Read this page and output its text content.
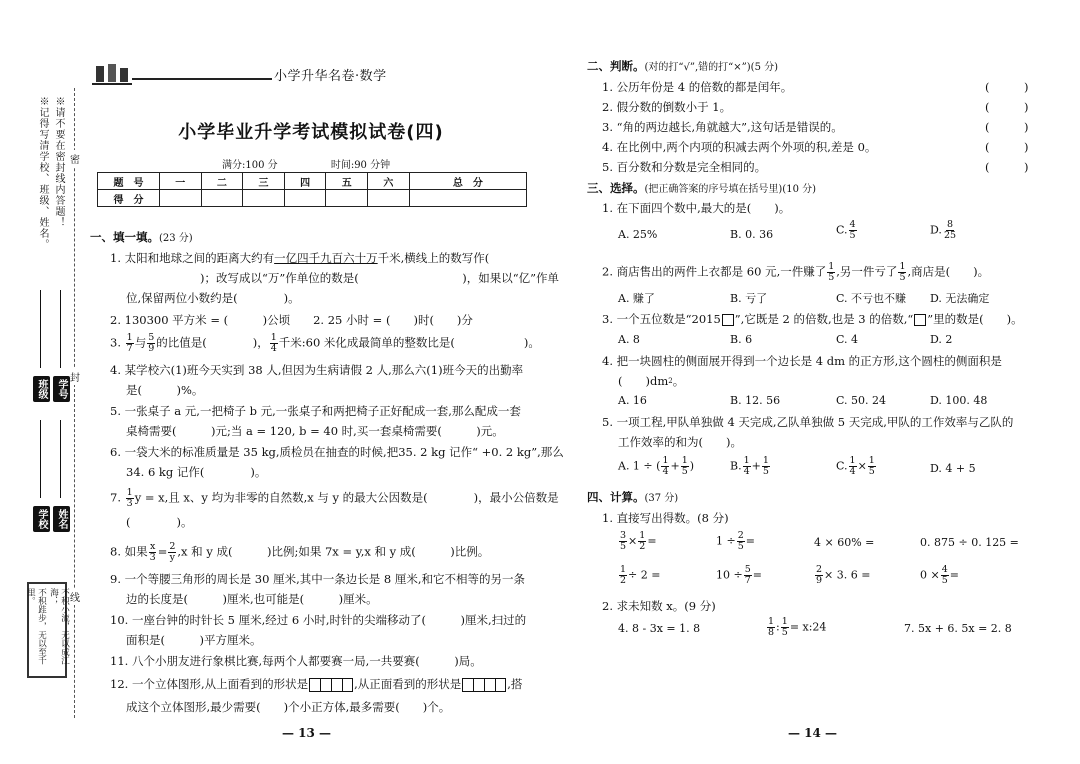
※请不要在密封线内答题！
※记得写清学校、班级、姓名。 密
封
线
班级 学号
学校 姓名
不积小流，无以成江海；
不积跬步，无以至千里。
小学升华名卷·数学
小学毕业升学考试模拟试卷(四)
满分:100 分	时间:90 分钟
题　号	一	二	三	四	五	六	总　分
得　分							
一、填一填。(23 分)
1. 太阳和地球之间的距离大约有一亿四千九百六十万千米,横线上的数写作(
)；改写成以“万”作单位的数是(　　　　　　　　　)，如果以“亿”作单
位,保留两位小数约是(　　　　)。
2. 130300 平方米 = (　　　)公顷　　2. 25 小时 = (　　)时(　　)分
3. $\frac{1}{7}$ 与 $\frac{5}{9}$ 的比值是(　　　　)， $\frac{1}{4}$ 千米:60 米化成最简单的整数比是(　　　　　　)。
4. 某学校六(1)班今天实到 38 人,但因为生病请假 2 人,那么六(1)班今天的出勤率
是(　　　)%。
5. 一张桌子 a 元,一把椅子 b 元,一张桌子和两把椅子正好配成一套,那么配成一套
桌椅需要(　　　)元;当 a = 120, b = 40 时,买一套桌椅需要(　　　)元。
6. 一袋大米的标准质量是 35 kg,质检员在抽查的时候,把35. 2 kg 记作“ +0. 2 kg”,那么
34. 6 kg 记作(　　　　)。
7. $\frac{1}{3}$ y = x,且 x、y 均为非零的自然数,x 与 y 的最大公因数是(　　　　)，最小公倍数是
(　　　　)。
8. 如果 $\frac{x}{3} = \frac{2}{y} ,x$ 和 y 成(　　　)比例;如果 7x = y,x 和 y 成(　　　)比例。
9. 一个等腰三角形的周长是 30 厘米,其中一条边长是 8 厘米,和它不相等的另一条
边的长度是(　　　)厘米,也可能是(　　　)厘米。
10. 一座台钟的时针长 5 厘米,经过 6 小时,时针的尖端移动了(　　　)厘米,扫过的
面积是(　　　)平方厘米。
11. 八个小朋友进行象棋比赛,每两个人都要赛一局,一共要赛(　　　)局。
12. 一个立体图形,从上面看到的形状是	,从正面看到的形状是	,搭
成这个立体图形,最少需要(　　)个小正方体,最多需要(　　)个。
— 13 —
二、判断。(对的打“√”,错的打“×”)(5 分)
1. 公历年份是 4 的倍数的都是闰年。
2. 假分数的倒数小于 1。
3. “角的两边越长,角就越大”,这句话是错误的。
4. 在比例中,两个内项的积减去两个外项的积,差是 0。
5. 百分数和分数是完全相同的。
(　　　)
(　　　)
(　　　)
(　　　)
(　　　)
三、选择。(把正确答案的序号填在括号里)(10 分)
1. 在下面四个数中,最大的是(　　)。
A. 25%	B. 0. 36	C. $\frac{4}{5}$	D. $\frac{8}{25}$
2. 商店售出的两件上衣都是 60 元,一件赚了 $\frac{1}{5}$ ,另一件亏了 $\frac{1}{5}$ ,商店是(　　)。
A. 赚了	B. 亏了	C. 不亏也不赚 D. 无法确定
3. 一个五位数是“2015 ”,它既是 2 的倍数,也是 3 的倍数,“ ”里的数是(　　)。
A. 8	B. 6	C. 4	D. 2
4. 把一块圆柱的侧面展开得到一个边长是 4 dm 的正方形,这个圆柱的侧面积是
(　　)$dm^2$。
A. 16	B. 12. 56	C. 50. 24	D. 100. 48
5. 一项工程,甲队单独做 4 天完成,乙队单独做 5 天完成,甲队的工作效率与乙队的
工作效率的和为(　　)。
A. 1 ÷ ( $\frac{1}{4} + \frac{1}{5}$ )	B. $\frac{1}{4} + \frac{1}{5}$	C. $\frac{1}{4} \times \frac{1}{5}$	D. 4 + 5
四、计算。(37 分)
1. 直接写出得数。(8 分)
$\frac{3}{5} \times \frac{1}{2}$ =	$1 \div \frac{2}{5}$ =	4 × 60% =	0. 875 ÷ 0. 125 =
$\frac{1}{2} \div 2$ =	$10 \div \frac{5}{7}$ =	$\frac{2}{9} \times 3$. 6 =	$0 \times \frac{4}{5}$ =
2. 求未知数 x。(9 分)
4. 8 - 3x = 1. 8	$\frac{1}{8}$ : $\frac{1}{5}$ = x:24	7. 5x + 6. 5x = 2. 8
— 14 —
